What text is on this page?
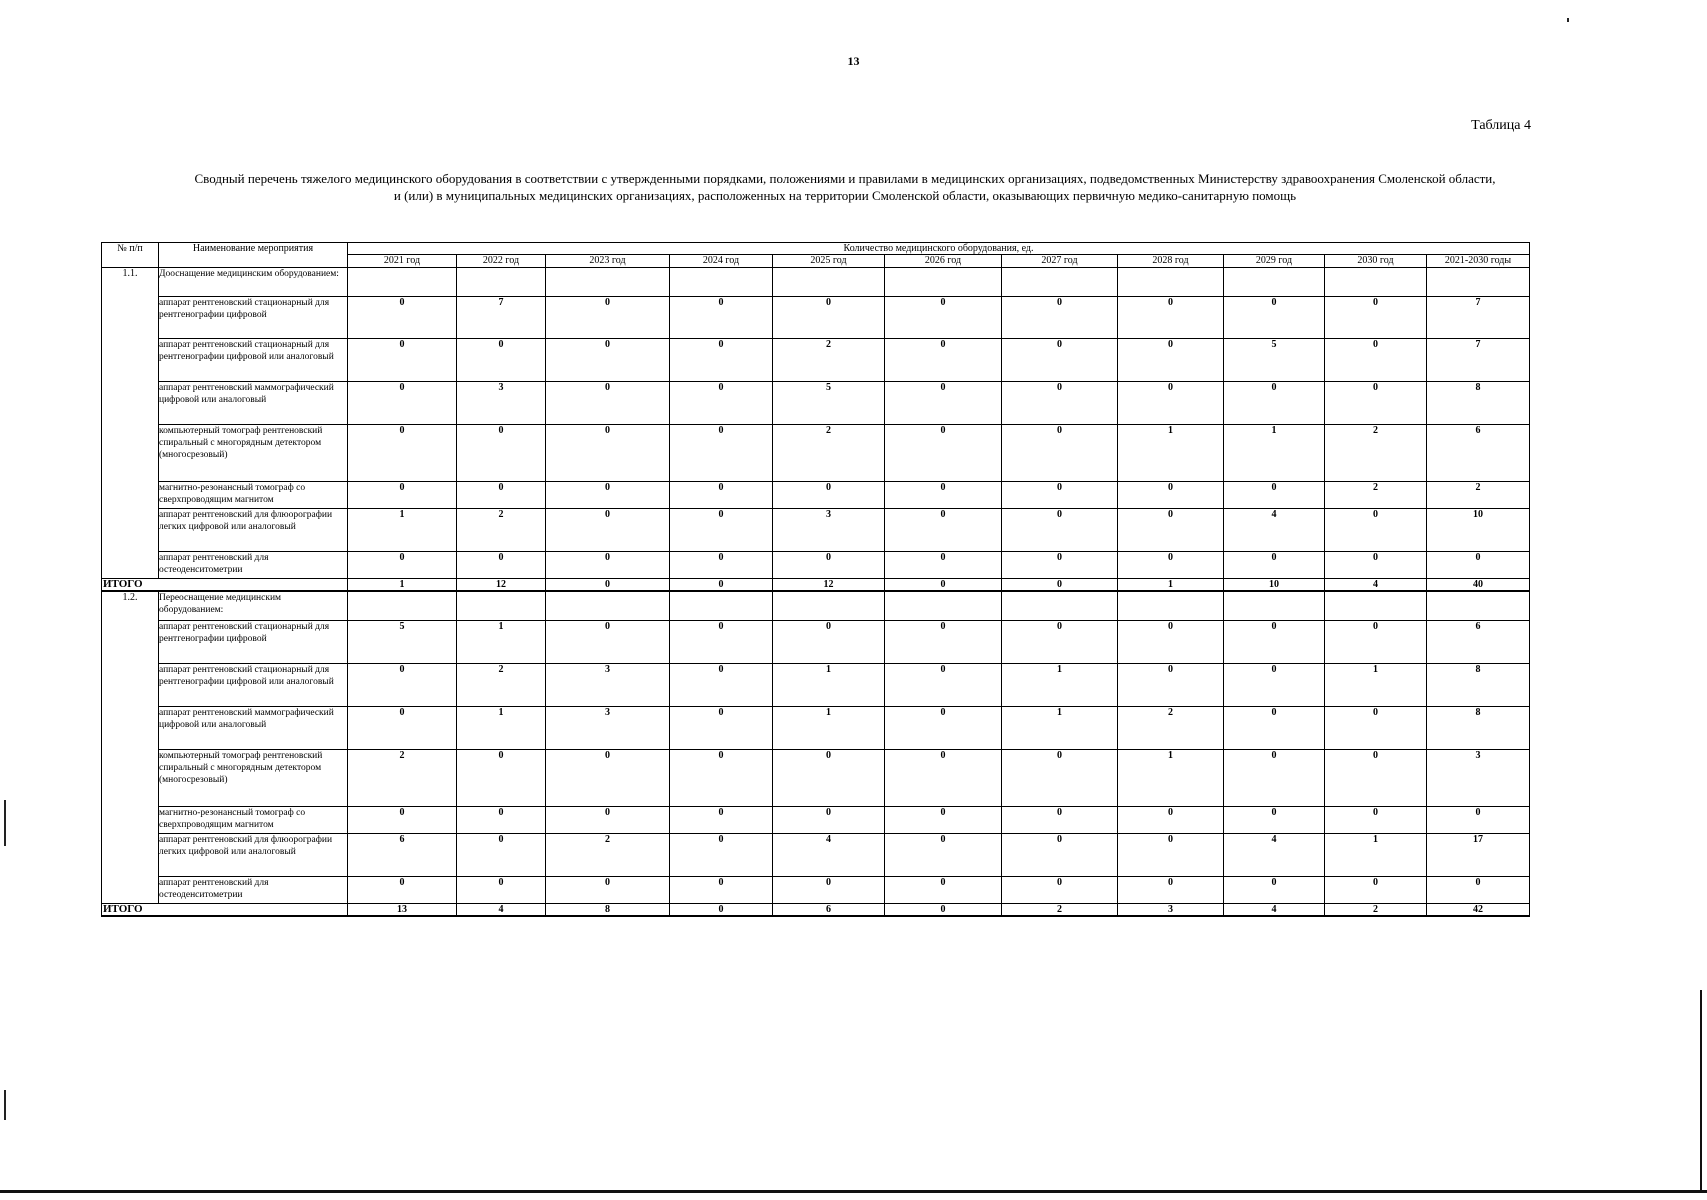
13
Таблица 4
Сводный перечень тяжелого медицинского оборудования в соответствии с утвержденными порядками, положениями и правилами в медицинских организациях, подведомственных Министерству здравоохранения Смоленской области, и (или) в муниципальных медицинских организациях, расположенных на территории Смоленской области, оказывающих первичную медико-санитарную помощь
№ п/п	Наименование мероприятия	Количество медицинского оборудования, ед.										
		2021 год	2022 год	2023 год	2024 год	2025 год	2026 год	2027 год	2028 год	2029 год	2030 год	2021-2030 годы
1.1.	Дооснащение медицинским оборудованием:											
	аппарат рентгеновский стационарный для рентгенографии цифровой	0	7	0	0	0	0	0	0	0	0	7
	аппарат рентгеновский стационарный для рентгенографии цифровой или аналоговый	0	0	0	0	2	0	0	0	5	0	7
	аппарат рентгеновский маммографический цифровой или аналоговый	0	3	0	0	5	0	0	0	0	0	8
	компьютерный томограф рентгеновский спиральный с многорядным детектором (многосрезовый)	0	0	0	0	2	0	0	1	1	2	6
	магнитно-резонансный томограф со сверхпроводящим магнитом	0	0	0	0	0	0	0	0	0	2	2
	аппарат рентгеновский для флюорографии легких цифровой или аналоговый	1	2	0	0	3	0	0	0	4	0	10
	аппарат рентгеновский для остеоденситометрии	0	0	0	0	0	0	0	0	0	0	0
ИТОГО		1	12	0	0	12	0	0	1	10	4	40
1.2.	Переоснащение медицинским оборудованием:											
	аппарат рентгеновский стационарный для рентгенографии цифровой	5	1	0	0	0	0	0	0	0	0	6
	аппарат рентгеновский стационарный для рентгенографии цифровой или аналоговый	0	2	3	0	1	0	1	0	0	1	8
	аппарат рентгеновский маммографический цифровой или аналоговый	0	1	3	0	1	0	1	2	0	0	8
	компьютерный томограф рентгеновский спиральный с многорядным детектором (многосрезовый)	2	0	0	0	0	0	0	1	0	0	3
	магнитно-резонансный томограф со сверхпроводящим магнитом	0	0	0	0	0	0	0	0	0	0	0
	аппарат рентгеновский для флюорографии легких цифровой или аналоговый	6	0	2	0	4	0	0	0	4	1	17
	аппарат рентгеновский для остеоденситометрии	0	0	0	0	0	0	0	0	0	0	0
ИТОГО		13	4	8	0	6	0	2	3	4	2	42
